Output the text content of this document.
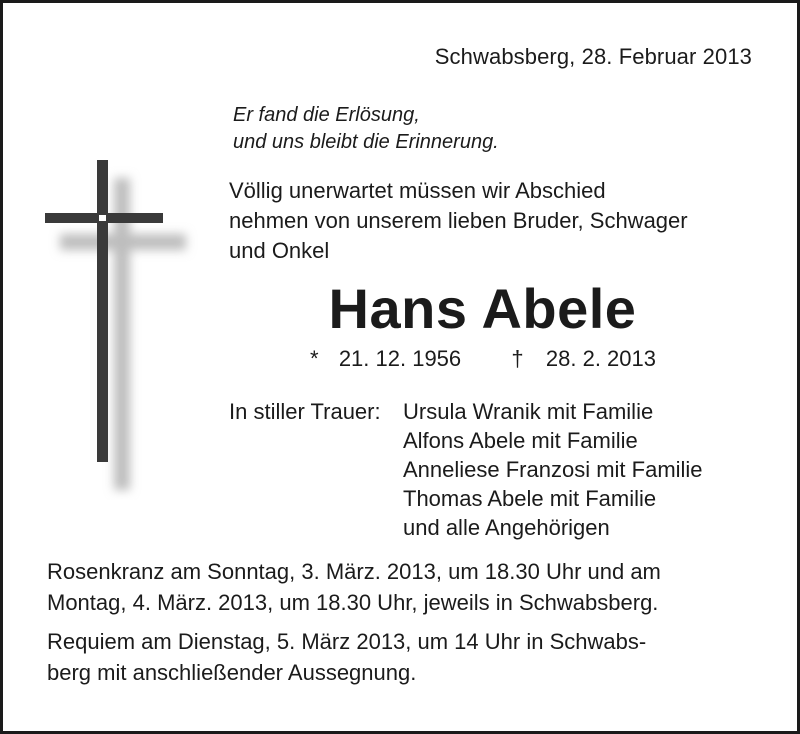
Schwabsberg, 28. Februar 2013
Er fand die Erlösung,
und uns bleibt die Erinnerung.
Völlig unerwartet müssen wir Abschied
nehmen von unserem lieben Bruder, Schwager
und Onkel
Hans Abele
* 21. 12. 1956 † 28. 2. 2013
In stiller Trauer: Ursula Wranik mit Familie
Alfons Abele mit Familie
Anneliese Franzosi mit Familie
Thomas Abele mit Familie
und alle Angehörigen
Rosenkranz am Sonntag, 3. März. 2013, um 18.30 Uhr und am
Montag, 4. März. 2013, um 18.30 Uhr, jeweils in Schwabsberg.
Requiem am Dienstag, 5. März 2013, um 14 Uhr in Schwabs-
berg mit anschließender Aussegnung.
